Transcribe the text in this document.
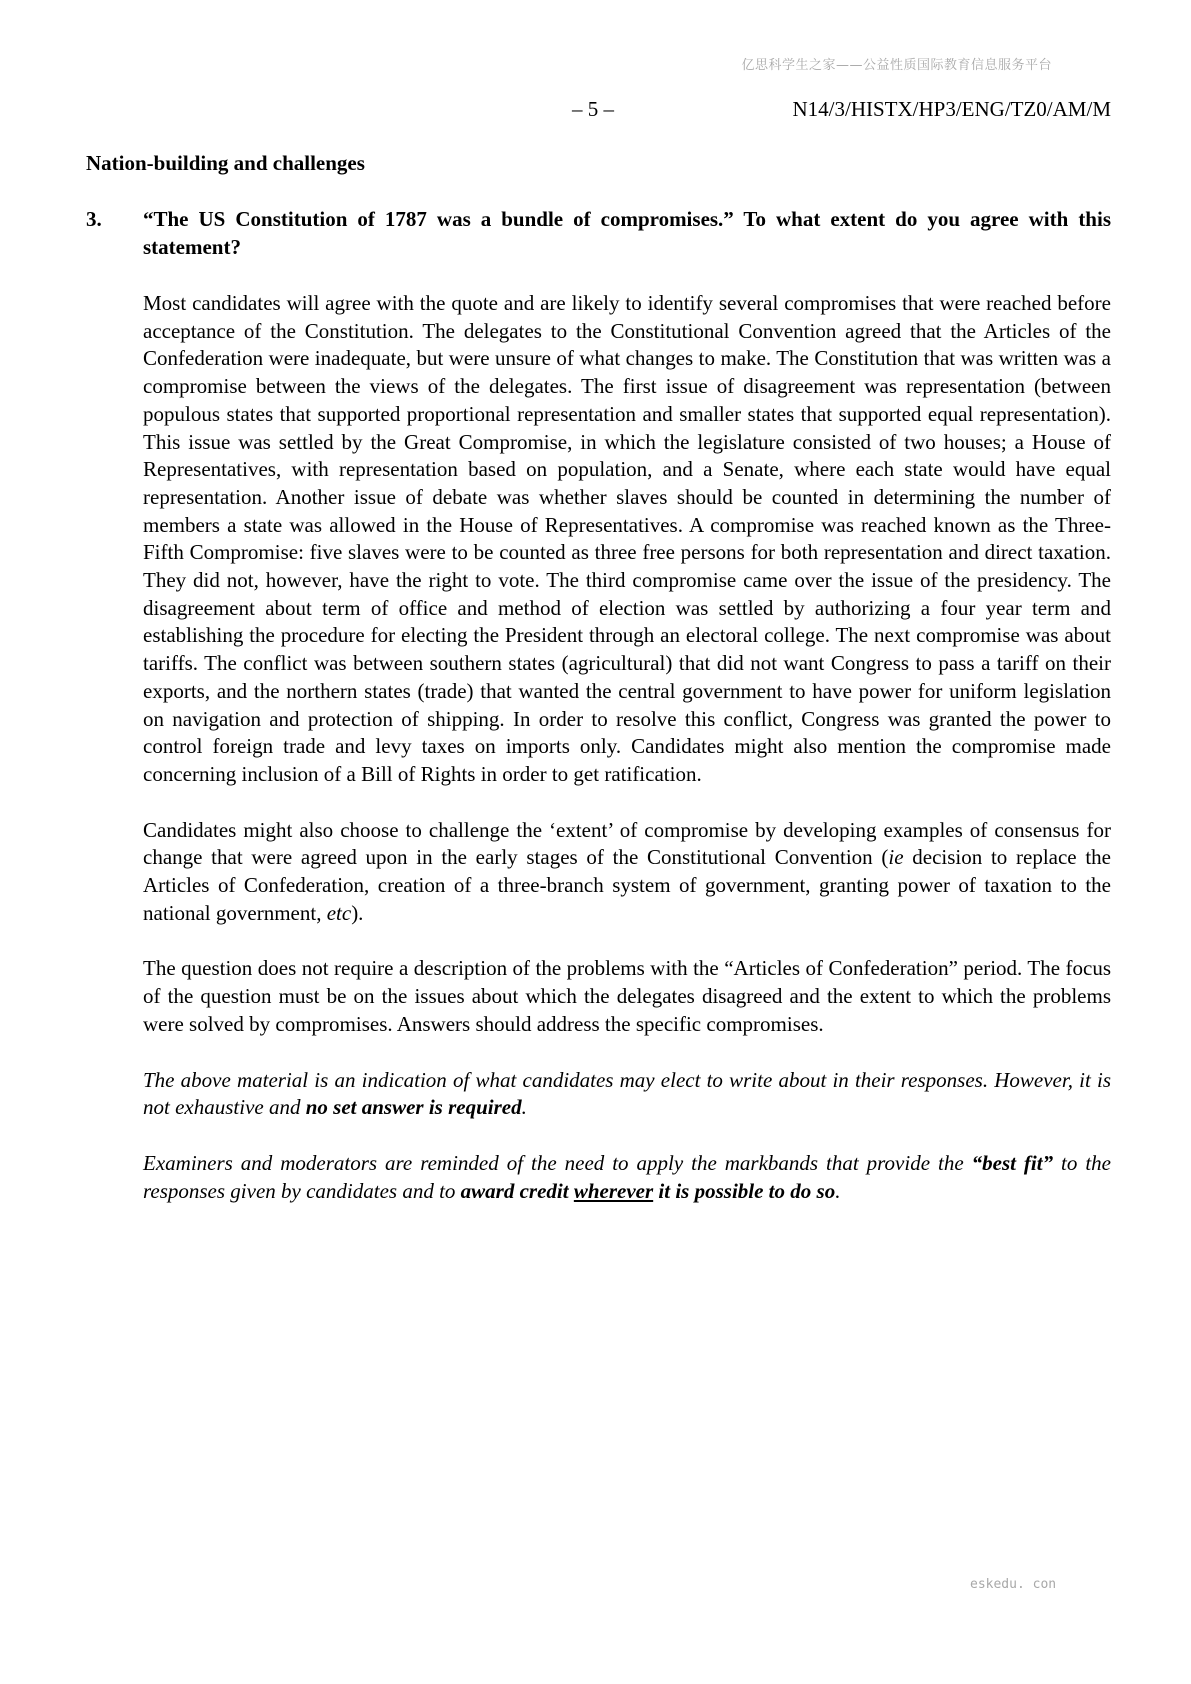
亿思科学生之家——公益性质国际教育信息服务平台
– 5 –	N14/3/HISTX/HP3/ENG/TZ0/AM/M
Nation-building and challenges
3. “The US Constitution of 1787 was a bundle of compromises.” To what extent do you agree with this statement?

Most candidates will agree with the quote and are likely to identify several compromises that were reached before acceptance of the Constitution. The delegates to the Constitutional Convention agreed that the Articles of the Confederation were inadequate, but were unsure of what changes to make. The Constitution that was written was a compromise between the views of the delegates. The first issue of disagreement was representation (between populous states that supported proportional representation and smaller states that supported equal representation). This issue was settled by the Great Compromise, in which the legislature consisted of two houses; a House of Representatives, with representation based on population, and a Senate, where each state would have equal representation. Another issue of debate was whether slaves should be counted in determining the number of members a state was allowed in the House of Representatives. A compromise was reached known as the Three-Fifth Compromise: five slaves were to be counted as three free persons for both representation and direct taxation. They did not, however, have the right to vote. The third compromise came over the issue of the presidency. The disagreement about term of office and method of election was settled by authorizing a four year term and establishing the procedure for electing the President through an electoral college. The next compromise was about tariffs. The conflict was between southern states (agricultural) that did not want Congress to pass a tariff on their exports, and the northern states (trade) that wanted the central government to have power for uniform legislation on navigation and protection of shipping. In order to resolve this conflict, Congress was granted the power to control foreign trade and levy taxes on imports only. Candidates might also mention the compromise made concerning inclusion of a Bill of Rights in order to get ratification.

Candidates might also choose to challenge the ‘extent’ of compromise by developing examples of consensus for change that were agreed upon in the early stages of the Constitutional Convention (ie decision to replace the Articles of Confederation, creation of a three-branch system of government, granting power of taxation to the national government, etc).

The question does not require a description of the problems with the “Articles of Confederation” period. The focus of the question must be on the issues about which the delegates disagreed and the extent to which the problems were solved by compromises. Answers should address the specific compromises.

The above material is an indication of what candidates may elect to write about in their responses. However, it is not exhaustive and no set answer is required.

Examiners and moderators are reminded of the need to apply the markbands that provide the “best fit” to the responses given by candidates and to award credit wherever it is possible to do so.

eskedu. con
